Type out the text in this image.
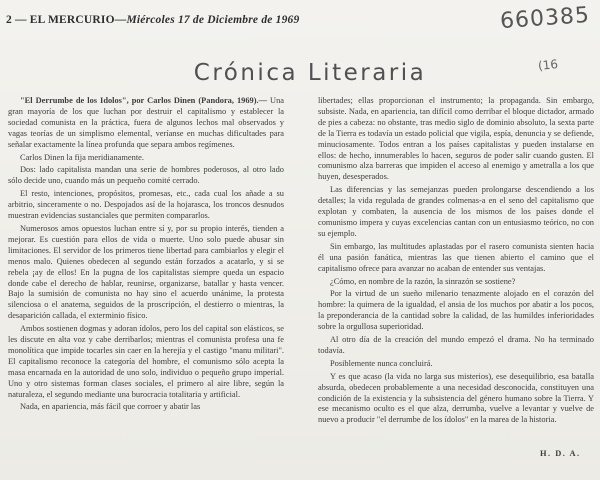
2 — EL MERCURIO—Miércoles 17 de Diciembre de 1969	660385
(16
Crónica Literaria

"El Derrumbe de los Idolos", por Carlos Dinen (Pandora, 1969).— Una gran mayoría de los que luchan por destruir el capitalismo y establecer la sociedad comunista en la práctica, fuera de algunos lechos mal observados y vagas teorías de un simplismo elemental, veríanse en muchas dificultades para señalar exactamente la línea profunda que separa ambos regímenes.

Carlos Dinen la fija meridianamente.

Dos: lado capitalista mandan una serie de hombres poderosos, al otro lado sólo decide uno, cuando más un pequeño comité cerrado.

El resto, intenciones, propósitos, promesas, etc., cada cual los añade a su arbitrio, sinceramente o no. Despojados así de la hojarasca, los troncos desnudos muestran evidencias sustanciales que permiten compararlos.

Numerosos amos opuestos luchan entre sí y, por su propio interés, tienden a mejorar. Es cuestión para ellos de vida o muerte. Uno solo puede abusar sin limitaciones. El servidor de los primeros tiene libertad para cambiarlos y elegir el menos malo. Quienes obedecen al segundo están forzados a acatarlo, y si se rebela ¡ay de ellos! En la pugna de los capitalistas siempre queda un espacio donde cabe el derecho de hablar, reunirse, organizarse, batallar y hasta vencer. Bajo la sumisión de comunista no hay sino el acuerdo unánime, la protesta silenciosa o el anatema, seguidos de la proscripción, el destierro o mientras, la desaparición callada, el exterminio físico.

Ambos sostienen dogmas y adoran ídolos, pero los del capital son elásticos, se les discute en alta voz y cabe derribarlos; mientras el comunista profesa una fe monolítica que impide tocarles sin caer en la herejía y el castigo "manu militari". El capitalismo reconoce la categoría del hombre, el comunismo sólo acepta la masa encarnada en la autoridad de uno solo, individuo o pequeño grupo imperial. Uno y otro sistemas forman clases sociales, el primero al aire libre, según la naturaleza, el segundo mediante una burocracia totalitaria y artificial.

Nada, en apariencia, más fácil que corroer y abatir las

libertades; ellas proporcionan el instrumento; la propaganda. Sin embargo, subsiste. Nada, en apariencia, tan difícil como derribar el bloque dictador, armado de pies a cabeza: no obstante, tras medio siglo de dominio absoluto, la sexta parte de la Tierra es todavía un estado policial que vigila, espía, denuncia y se defiende, minuciosamente. Todos entran a los países capitalistas y pueden instalarse en ellos: de hecho, innumerables lo hacen, seguros de poder salir cuando gusten. El comunismo alza barreras que impiden el acceso al enemigo y ametralla a los que huyen, desesperados.

Las diferencias y las semejanzas pueden prolongarse descendiendo a los detalles; la vida regulada de grandes colmenas-a en el seno del capitalismo que explotan y combaten, la ausencia de los mismos de los países donde el comunismo impera y cuyas excelencias cantan con un entusiasmo teórico, no con su ejemplo.

Sin embargo, las multitudes aplastadas por el rasero comunista sienten hacia él una pasión fanática, mientras las que tienen abierto el camino que el capitalismo ofrece para avanzar no acaban de entender sus ventajas.

¿Cómo, en nombre de la razón, la sinrazón se sostiene?

Por la virtud de un sueño milenario tenazmente alojado en el corazón del hombre: la quimera de la igualdad, el ansia de los muchos por abatir a los pocos, la preponderancia de la cantidad sobre la calidad, de las humildes inferioridades sobre la orgullosa superioridad.

Al otro día de la creación del mundo empezó el drama. No ha terminado todavía.

Posiblemente nunca concluirá.

Y es que acaso (la vida no larga sus misterios), ese desequilibrio, esa batalla absurda, obedecen probablemente a una necesidad desconocida, constituyen una condición de la existencia y la subsistencia del género humano sobre la Tierra. Y ese mecanismo oculto es el que alza, derrumba, vuelve a levantar y vuelve de nuevo a producir "el derrumbe de los ídolos" en la marea de la historia.

H. D. A.
